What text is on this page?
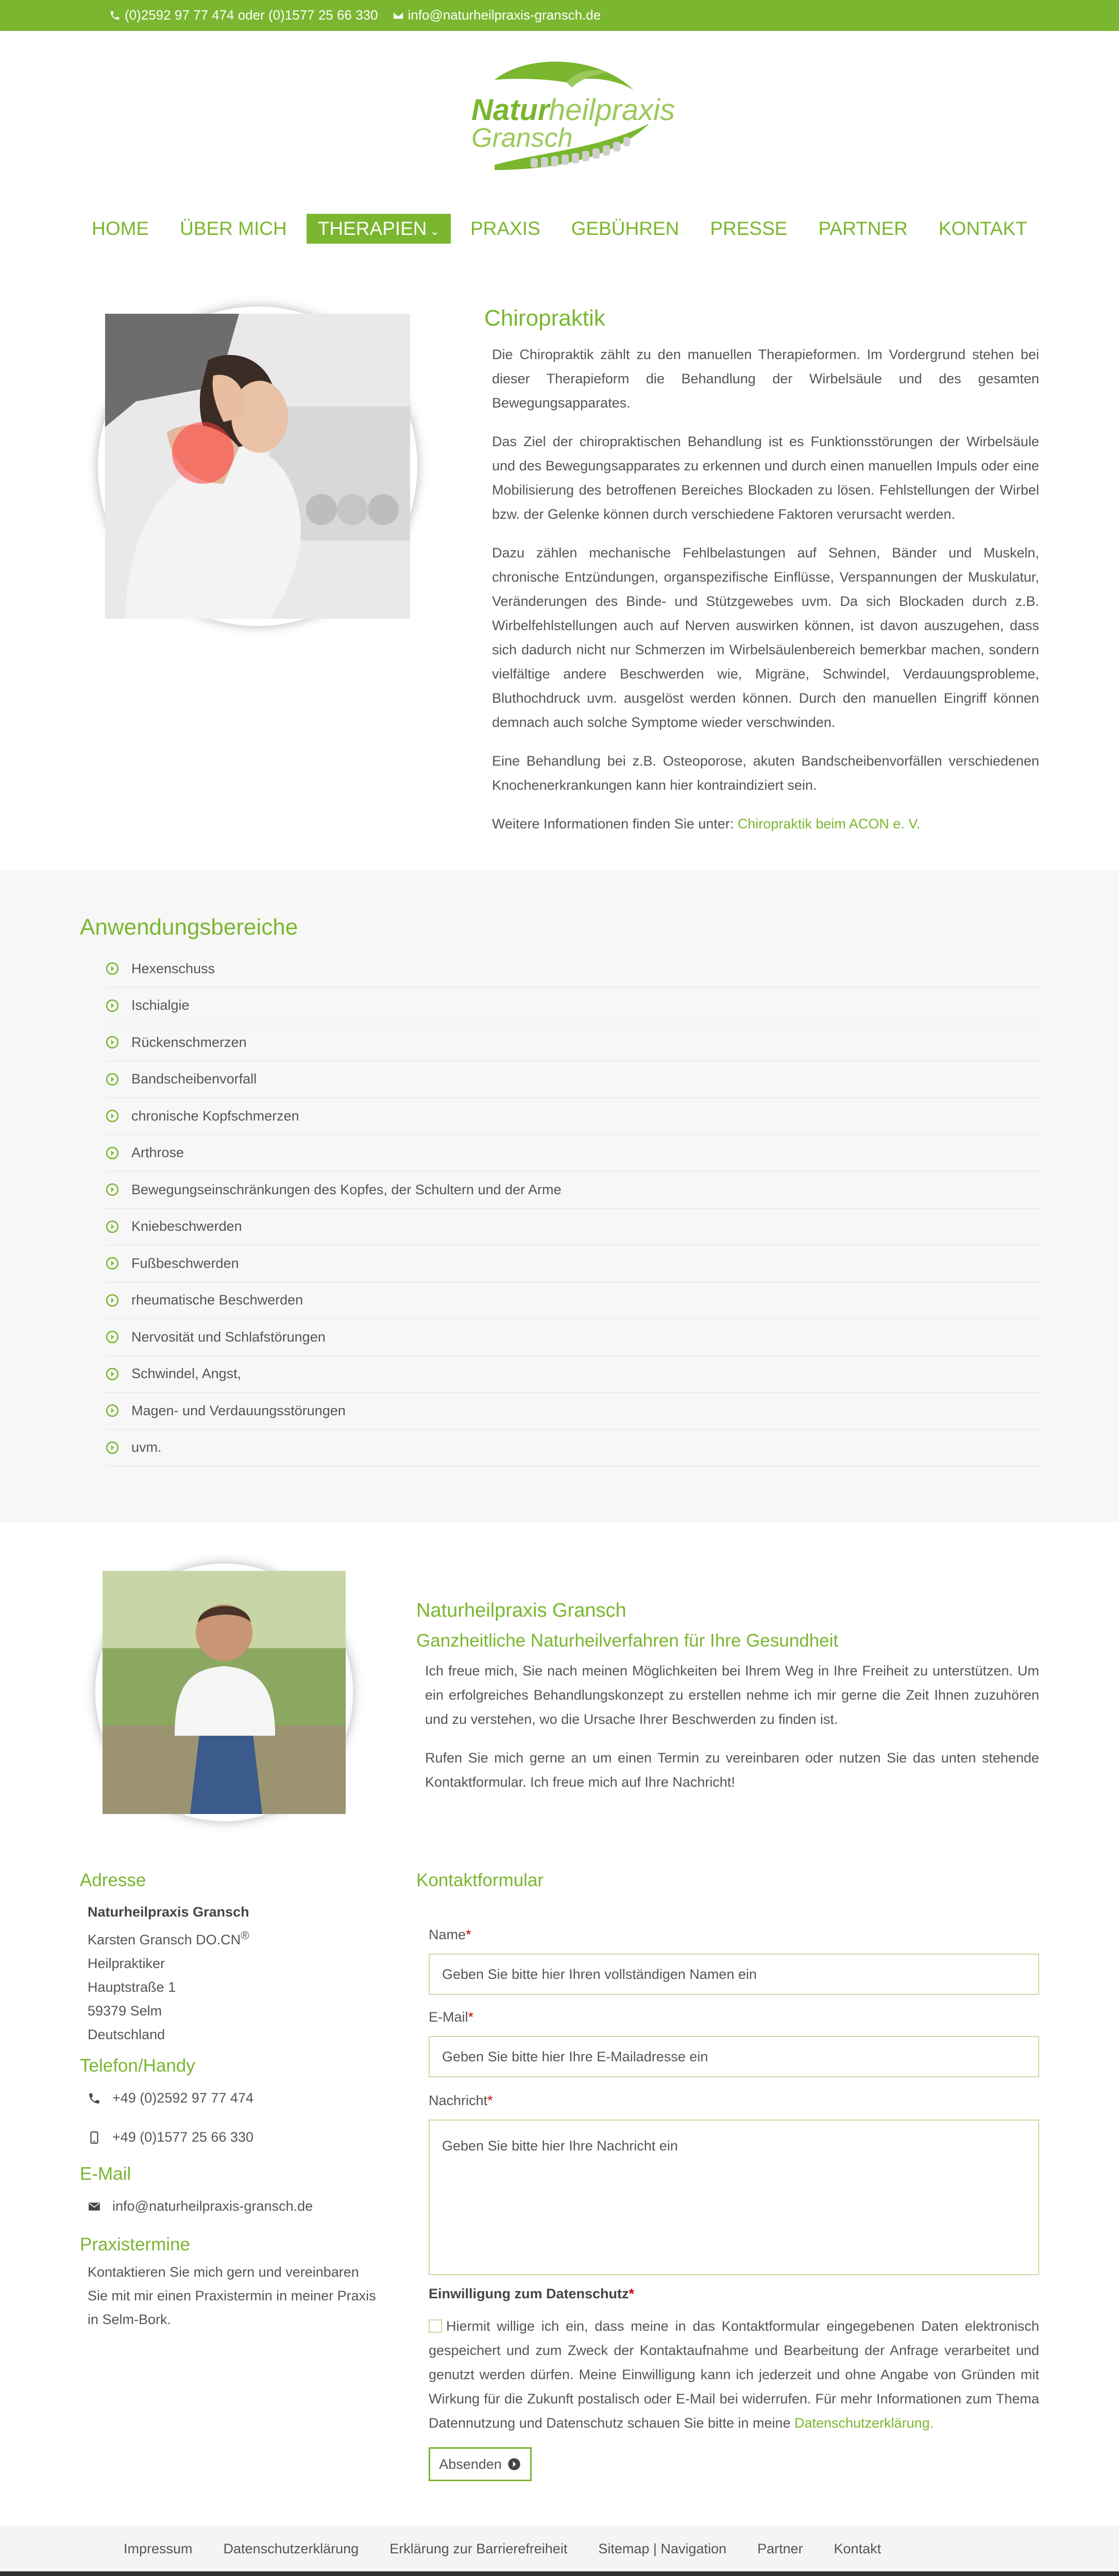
(0)2592 97 77 474 oder (0)1577 25 66 330 info@naturheilpraxis-gransch.de
Natur
heilpraxis
Gransch
HOME	ÜBER MICH	THERAPIEN ⌄	PRAXIS	GEBÜHREN	PRESSE	PARTNER	KONTAKT
Chiropraktik

Die Chiropraktik zählt zu den manuellen Therapieformen. Im Vordergrund stehen bei dieser Therapieform die Behandlung der Wirbelsäule und des gesamten Bewegungsapparates.

Das Ziel der chiropraktischen Behandlung ist es Funktionsstörungen der Wirbelsäule und des Bewegungsapparates zu erkennen und durch einen manuellen Impuls oder eine Mobilisierung des betroffenen Bereiches Blockaden zu lösen. Fehlstellungen der Wirbel bzw. der Gelenke können durch verschiedene Faktoren verursacht werden.

Dazu zählen mechanische Fehlbelastungen auf Sehnen, Bänder und Muskeln, chronische Entzündungen, organspezifische Einflüsse, Verspannungen der Muskulatur, Veränderungen des Binde- und Stützgewebes uvm. Da sich Blockaden durch z.B. Wirbelfehlstellungen auch auf Nerven auswirken können, ist davon auszugehen, dass sich dadurch nicht nur Schmerzen im Wirbelsäulenbereich bemerkbar machen, sondern vielfältige andere Beschwerden wie, Migräne, Schwindel, Verdauungsprobleme, Bluthochdruck uvm. ausgelöst werden können. Durch den manuellen Eingriff können demnach auch solche Symptome wieder verschwinden.

Eine Behandlung bei z.B. Osteoporose, akuten Bandscheibenvorfällen verschiedenen Knochenerkrankungen kann hier kontraindiziert sein.

Weitere Informationen finden Sie unter: Chiropraktik beim ACON e. V.

Anwendungsbereiche
Hexenschuss
Ischialgie
Rückenschmerzen
Bandscheibenvorfall
chronische Kopfschmerzen
Arthrose
Bewegungseinschränkungen des Kopfes, der Schultern und der Arme
Kniebeschwerden
Fußbeschwerden
rheumatische Beschwerden
Nervosität und Schlafstörungen
Schwindel, Angst,
Magen- und Verdauungsstörungen
uvm.
Naturheilpraxis Gransch
Ganzheitliche Naturheilverfahren für Ihre Gesundheit

Ich freue mich, Sie nach meinen Möglichkeiten bei Ihrem Weg in Ihre Freiheit zu unterstützen. Um ein erfolgreiches Behandlungskonzept zu erstellen nehme ich mir gerne die Zeit Ihnen zuzuhören und zu verstehen, wo die Ursache Ihrer Beschwerden zu finden ist.

Rufen Sie mich gerne an um einen Termin zu vereinbaren oder nutzen Sie das unten stehende Kontaktformular. Ich freue mich auf Ihre Nachricht!

Adresse
Naturheilpraxis Gransch
Karsten Gransch DO.CN®
Heilpraktiker
Hauptstraße 1
59379 Selm
Deutschland
Telefon/Handy
+49 (0)2592 97 77 474
+49 (0)1577 25 66 330
E-Mail
info@naturheilpraxis-gransch.de
Praxistermine
Kontaktieren Sie mich gern und vereinbaren Sie mit mir einen Praxistermin in meiner Praxis in Selm-Bork.
Kontaktformular
Name*
Geben Sie bitte hier Ihren vollständigen Namen ein
E-Mail*
Geben Sie bitte hier Ihre E-Mailadresse ein
Nachricht*
Geben Sie bitte hier Ihre Nachricht ein
Einwilligung zum Datenschutz*
Hiermit willige ich ein, dass meine in das Kontaktformular eingegebenen Daten elektronisch gespeichert und zum Zweck der Kontaktaufnahme und Bearbeitung der Anfrage verarbeitet und genutzt werden dürfen. Meine Einwilligung kann ich jederzeit und ohne Angabe von Gründen mit Wirkung für die Zukunft postalisch oder E-Mail bei widerrufen. Für mehr Informationen zum Thema Datennutzung und Datenschutz schauen Sie bitte in meine Datenschutzerklärung.
Absenden
Impressum Datenschutzerklärung Erklärung zur Barrierefreiheit Sitemap | Navigation Partner Kontakt
